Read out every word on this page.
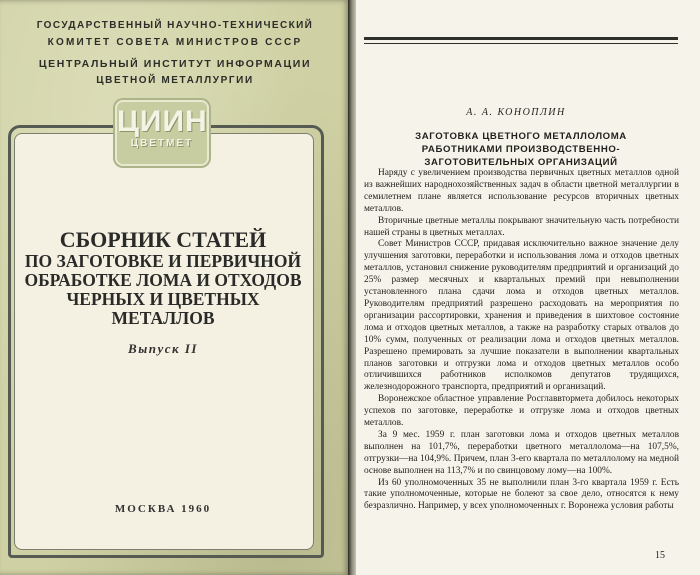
ГОСУДАРСТВЕННЫЙ НАУЧНО-ТЕХНИЧЕСКИЙ
КОМИТЕТ СОВЕТА МИНИСТРОВ СССР
ЦЕНТРАЛЬНЫЙ ИНСТИТУТ ИНФОРМАЦИИ
ЦВЕТНОЙ МЕТАЛЛУРГИИ
ЦИИН
ЦВЕТМЕТ
СБОРНИК СТАТЕЙ
ПО ЗАГОТОВКЕ И ПЕРВИЧНОЙ
ОБРАБОТКЕ ЛОМА И ОТХОДОВ
ЧЕРНЫХ И ЦВЕТНЫХ
МЕТАЛЛОВ
Выпуск II
МОСКВА 1960
А. А. КОНОПЛИН
ЗАГОТОВКА ЦВЕТНОГО МЕТАЛЛОЛОМА
РАБОТНИКАМИ ПРОИЗВОДСТВЕННО-
ЗАГОТОВИТЕЛЬНЫХ ОРГАНИЗАЦИЙ

Наряду с увеличением производства первичных цветных металлов одной из важнейших народнохозяйственных задач в области цветной металлургии в семилетнем плане является использование ресурсов вторичных цветных металлов.

Вторичные цветные металлы покрывают значительную часть потребности нашей страны в цветных металлах.

Совет Министров СССР, придавая исключительно важное значение делу улучшения заготовки, переработки и использования лома и отходов цветных металлов, установил снижение руководителям предприятий и организаций до 25% размер месячных и квартальных премий при невыполнении установленного плана сдачи лома и отходов цветных металлов. Руководителям предприятий разрешено расходовать на мероприятия по организации рассортировки, хранения и приведения в шихтовое состояние лома и отходов цветных металлов, а также на разработку старых отвалов до 10% сумм, полученных от реализации лома и отходов цветных металлов. Разрешено премировать за лучшие показатели в выполнении квартальных планов заготовки и отгрузки лома и отходов цветных металлов особо отличившихся работников исполкомов депутатов трудящихся, железнодорожного транспорта, предприятий и организаций.

Воронежское областное управление Росглаввтормета добилось некоторых успехов по заготовке, переработке и отгрузке лома и отходов цветных металлов.

За 9 мес. 1959 г. план заготовки лома и отходов цветных металлов выполнен на 101,7%, переработки цветного металлолома—на 107,5%, отгрузки—на 104,9%. Причем, план 3-его квартала по металлолому на медной основе выполнен на 113,7% и по свинцовому лому—на 100%.

Из 60 уполномоченных 35 не выполнили план 3-го квартала 1959 г. Есть такие уполномоченные, которые не болеют за свое дело, относятся к нему безразлично. Например, у всех уполномоченных г. Воронежа условия работы

15
